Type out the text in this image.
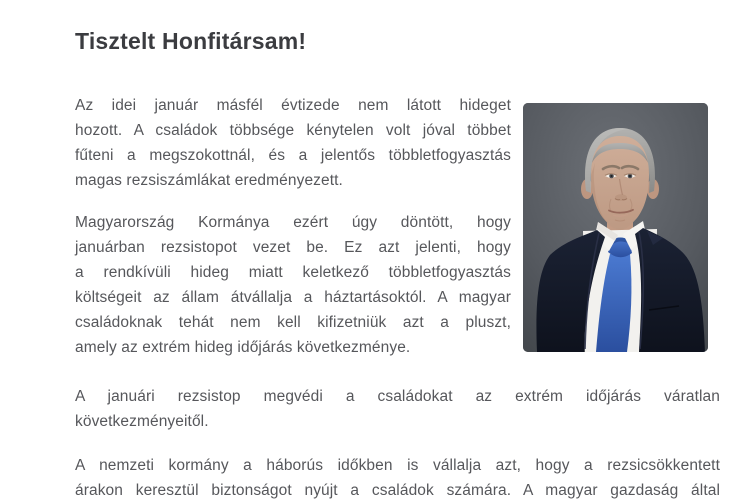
Tisztelt Honfitársam!
Az idei január másfél évtizede nem látott hideget
hozott. A családok többsége kénytelen volt jóval többet
fűteni a megszokottnál, és a jelentős többletfogyasztás
magas rezsiszámlákat eredményezett.
Magyarország Kormánya ezért úgy döntött, hogy
januárban rezsistopot vezet be. Ez azt jelenti, hogy
a rendkívüli hideg miatt keletkező többletfogyasztás
költségeit az állam átvállalja a háztartásoktól. A magyar
családoknak tehát nem kell kifizetniük azt a pluszt,
amely az extrém hideg időjárás következménye.
A januári rezsistop megvédi a családokat az extrém időjárás váratlan
következményeitől.
A nemzeti kormány a háborús időkben is vállalja azt, hogy a rezsicsökkentett
árakon keresztül biztonságot nyújt a családok számára. A magyar gazdaság által
